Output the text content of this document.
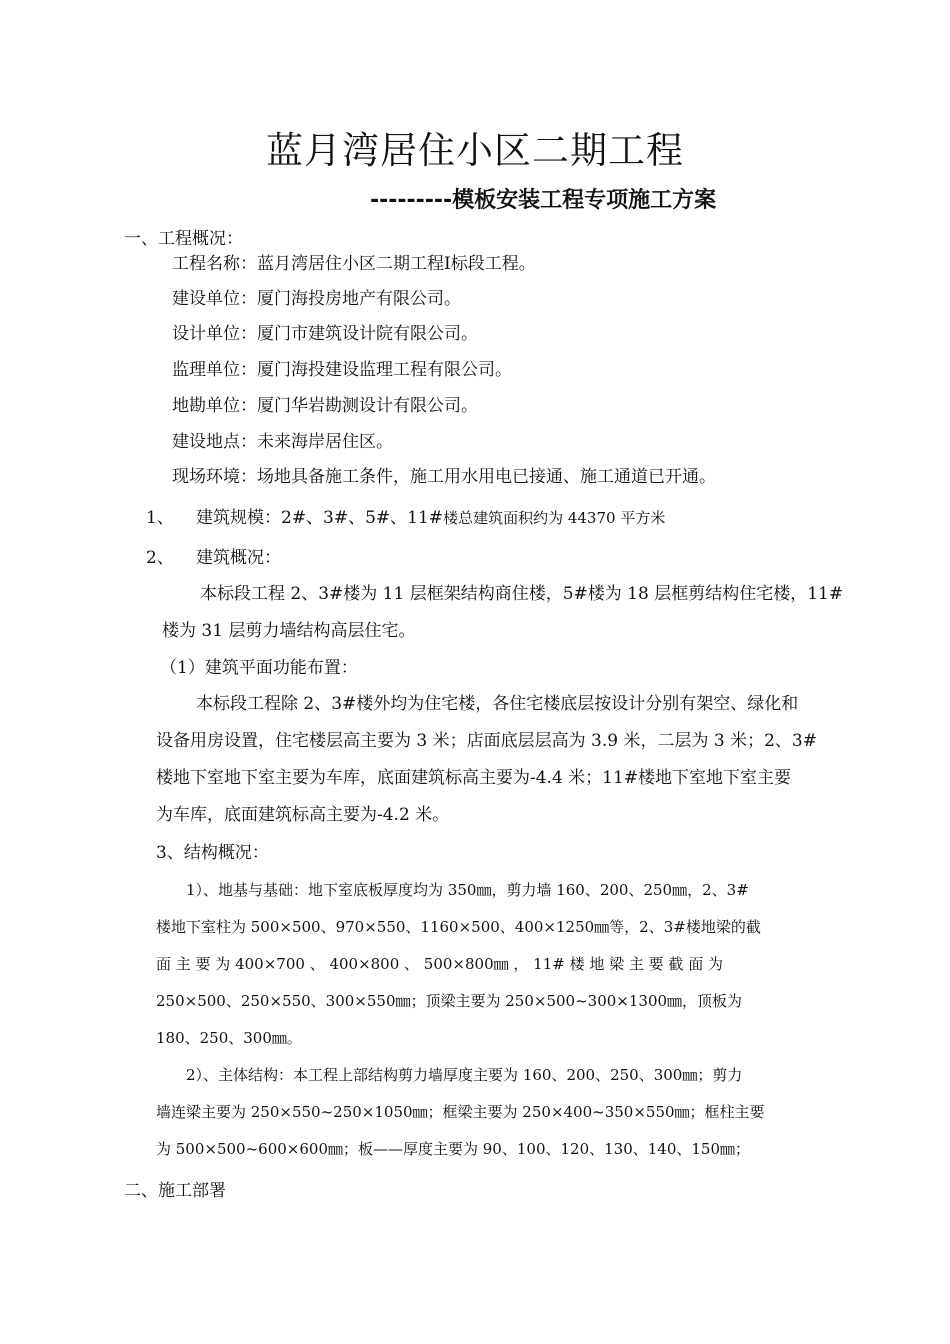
蓝月湾居住小区二期工程
---------模板安装工程专项施工方案
一、工程概况：
工程名称：蓝月湾居住小区二期工程Ⅰ标段工程。
建设单位：厦门海投房地产有限公司。
设计单位：厦门市建筑设计院有限公司。
监理单位：厦门海投建设监理工程有限公司。
地勘单位：厦门华岩勘测设计有限公司。
建设地点：未来海岸居住区。
现场环境：场地具备施工条件，施工用水用电已接通、施工通道已开通。
1、 建筑规模：2#、3#、5#、11#楼总建筑面积约为 44370 平方米
2、 建筑概况：
本标段工程 2、3#楼为 11 层框架结构商住楼，5#楼为 18 层框剪结构住宅楼，11#
楼为 31 层剪力墙结构高层住宅。
（1）建筑平面功能布置：
本标段工程除 2、3#楼外均为住宅楼，各住宅楼底层按设计分别有架空、绿化和
设备用房设置，住宅楼层高主要为 3 米；店面底层层高为 3.9 米，二层为 3 米；2、3#
楼地下室地下室主要为车库，底面建筑标高主要为-4.4 米；11#楼地下室地下室主要
为车库，底面建筑标高主要为-4.2 米。
3、结构概况：
1）、地基与基础：地下室底板厚度均为 350㎜，剪力墙 160、200、250㎜，2、3#
楼地下室柱为 500×500、970×550、1160×500、400×1250㎜等，2、3#楼地梁的截
面 主 要 为 400×700 、 400×800 、 500×800㎜ ， 11# 楼 地 梁 主 要 截 面 为
250×500、250×550、300×550㎜；顶梁主要为 250×500~300×1300㎜，顶板为
180、250、300㎜。
2）、主体结构：本工程上部结构剪力墙厚度主要为 160、200、250、300㎜；剪力
墙连梁主要为 250×550~250×1050㎜；框梁主要为 250×400~350×550㎜；框柱主要
为 500×500~600×600㎜；板——厚度主要为 90、100、120、130、140、150㎜；
二、施工部署
